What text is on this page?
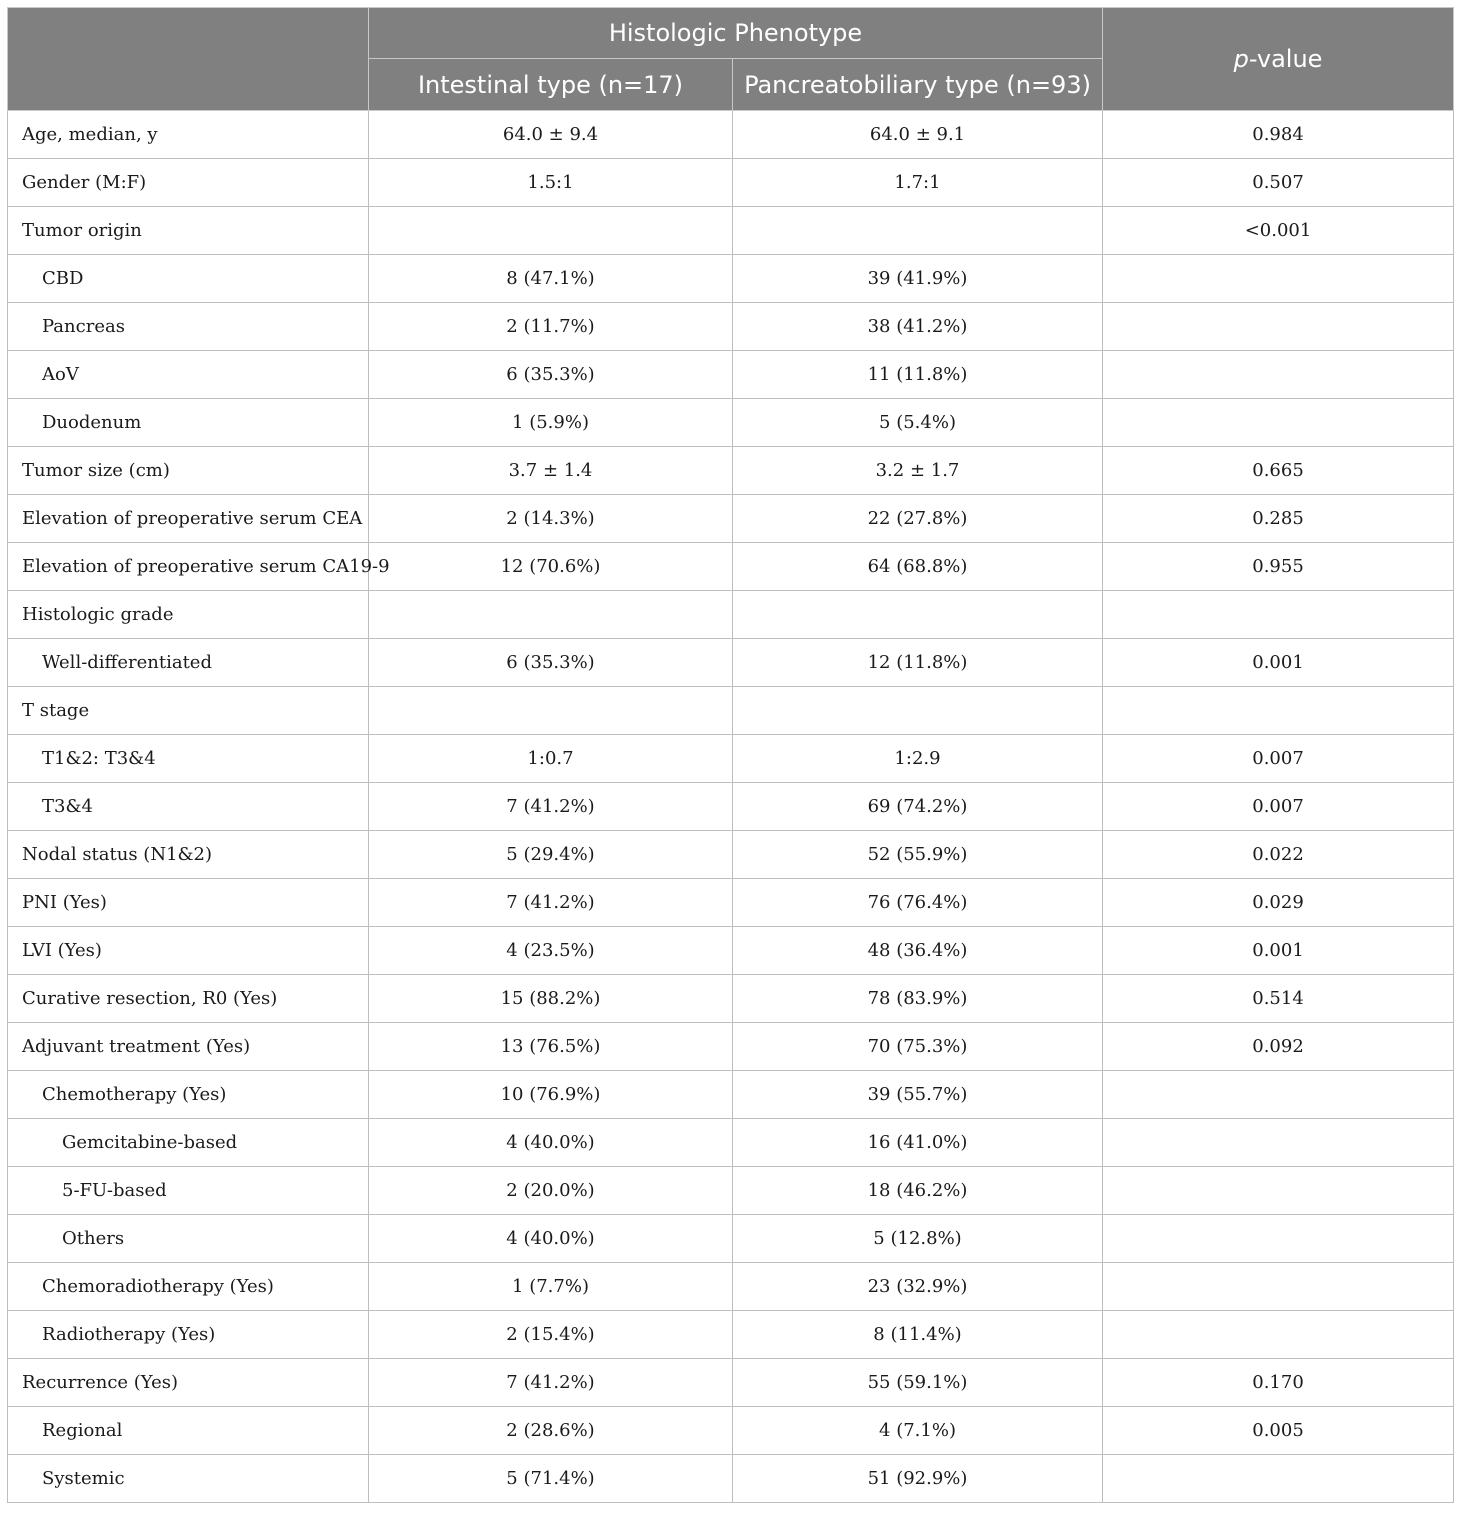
	Histologic Phenotype		p-value
	Intestinal type (n=17)	Pancreatobiliary type (n=93)	
Age, median, y	64.0 ± 9.4	64.0 ± 9.1	0.984
Gender (M:F)	1.5:1	1.7:1	0.507
Tumor origin			<0.001
CBD	8 (47.1%)	39 (41.9%)	
Pancreas	2 (11.7%)	38 (41.2%)	
AoV	6 (35.3%)	11 (11.8%)	
Duodenum	1 (5.9%)	5 (5.4%)	
Tumor size (cm)	3.7 ± 1.4	3.2 ± 1.7	0.665
Elevation of preoperative serum CEA	2 (14.3%)	22 (27.8%)	0.285
Elevation of preoperative serum CA19-9	12 (70.6%)	64 (68.8%)	0.955
Histologic grade			
Well-differentiated	6 (35.3%)	12 (11.8%)	0.001
T stage			
T1&2: T3&4	1:0.7	1:2.9	0.007
T3&4	7 (41.2%)	69 (74.2%)	0.007
Nodal status (N1&2)	5 (29.4%)	52 (55.9%)	0.022
PNI (Yes)	7 (41.2%)	76 (76.4%)	0.029
LVI (Yes)	4 (23.5%)	48 (36.4%)	0.001
Curative resection, R0 (Yes)	15 (88.2%)	78 (83.9%)	0.514
Adjuvant treatment (Yes)	13 (76.5%)	70 (75.3%)	0.092
Chemotherapy (Yes)	10 (76.9%)	39 (55.7%)	
Gemcitabine-based	4 (40.0%)	16 (41.0%)	
5-FU-based	2 (20.0%)	18 (46.2%)	
Others	4 (40.0%)	5 (12.8%)	
Chemoradiotherapy (Yes)	1 (7.7%)	23 (32.9%)	
Radiotherapy (Yes)	2 (15.4%)	8 (11.4%)	
Recurrence (Yes)	7 (41.2%)	55 (59.1%)	0.170
Regional	2 (28.6%)	4 (7.1%)	0.005
Systemic	5 (71.4%)	51 (92.9%)	
